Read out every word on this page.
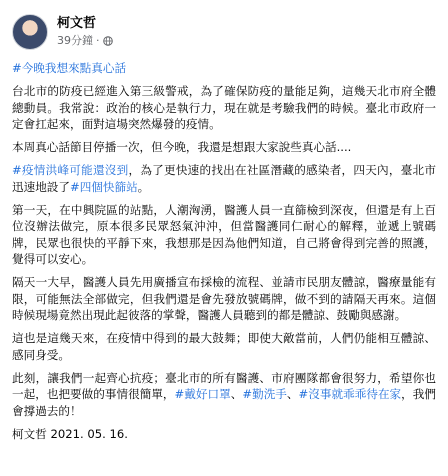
柯文哲
39分鐘 ·

#今晚我想來點真心話

台北市的防疫已經進入第三級警戒，為了確保防疫的量能足夠，這幾天北市府全體總動員。我常說：政治的核心是執行力，現在就是考驗我們的時候。臺北市政府一定會扛起來，面對這場突然爆發的疫情。

本周真心話節目停播一次，但今晚，我還是想跟大家說些真心話....

#疫情洪峰可能還沒到，為了更快速的找出在社區潛藏的感染者，四天內，臺北市迅速地設了#四個快篩站。

第一天，在中興院區的站點，人潮洶湧，醫護人員一直篩檢到深夜，但還是有上百位沒辦法做完，原本很多民眾怒氣沖沖，但當醫護同仁耐心的解釋，並遞上號碼牌，民眾也很快的平靜下來，我想那是因為他們知道，自己將會得到完善的照護，覺得可以安心。

隔天一大早，醫護人員先用廣播宣布採檢的流程、並請市民朋友體諒，醫療量能有限，可能無法全部做完，但我們還是會先發放號碼牌，做不到的請隔天再來。這個時候現場竟然出現此起彼落的掌聲，醫護人員聽到的都是體諒、鼓勵與感謝。

這也是這幾天來，在疫情中得到的最大鼓舞；即使大敵當前，人們仍能相互體諒、感同身受。

此刻，讓我們一起齊心抗疫；臺北市的所有醫護、市府團隊都會很努力，希望你也一起，也把要做的事情很簡單，#戴好口罩、#勤洗手、#沒事就乖乖待在家，我們會撐過去的！

柯文哲 2021. 05. 16.
